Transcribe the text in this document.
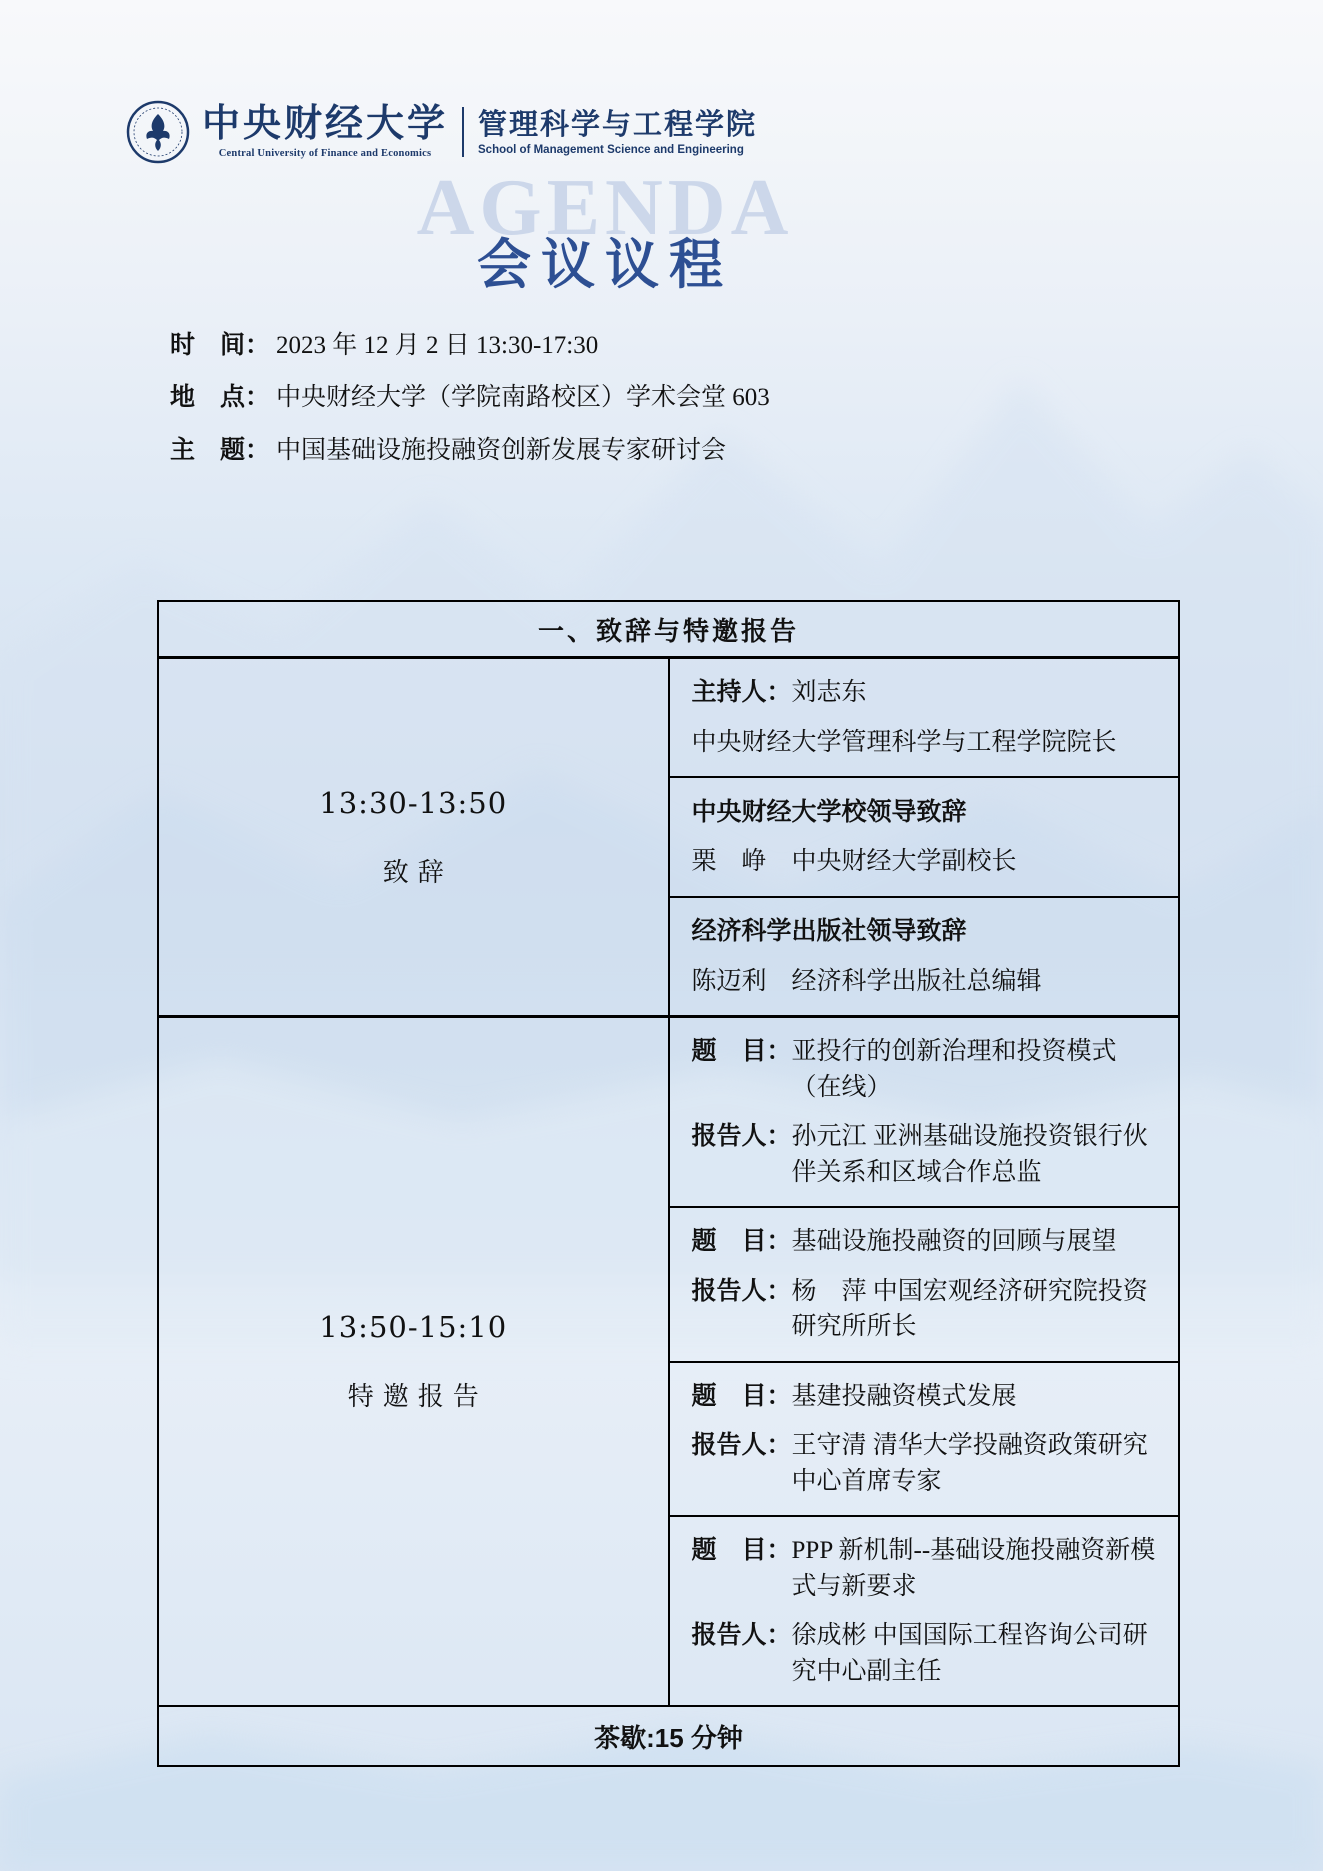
中央财经大学
Central University of Finance and Economics
管理科学与工程学院
School of Management Science and Engineering
AGENDA
会议议程
时　间： 2023 年 12 月 2 日 13:30-17:30
地　点： 中央财经大学（学院南路校区）学术会堂 603
主　题： 中国基础设施投融资创新发展专家研讨会
一、致辞与特邀报告	

13:30-13:50
致辞

主持人： 刘志东
中央财经大学管理科学与工程学院院长

	中央财经大学校领导致辞
栗　峥　中央财经大学副校长

	经济科学出版社领导致辞
陈迈利　经济科学出版社总编辑

13:50-15:10
特邀报告

题　目： 亚投行的创新治理和投资模式（在线）
报告人： 孙元江 亚洲基础设施投资银行伙伴关系和区域合作总监

	题　目： 基础设施投融资的回顾与展望
报告人： 杨　萍 中国宏观经济研究院投资研究所所长

	题　目： 基建投融资模式发展
报告人： 王守清 清华大学投融资政策研究中心首席专家

	题　目： PPP 新机制--基础设施投融资新模式与新要求
报告人： 徐成彬 中国国际工程咨询公司研究中心副主任

茶歇:15 分钟	
